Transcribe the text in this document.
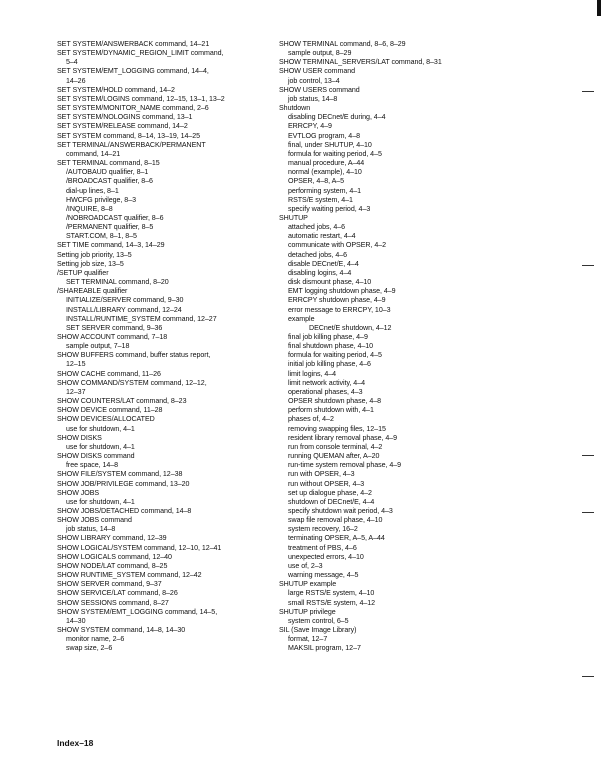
SET SYSTEM/ANSWERBACK command, 14–21
SET SYSTEM/DYNAMIC_REGION_LIMIT command,
5–4
SET SYSTEM/EMT_LOGGING command, 14–4,
14–26
SET SYSTEM/HOLD command, 14–2
SET SYSTEM/LOGINS command, 12–15, 13–1, 13–2
SET SYSTEM/MONITOR_NAME command, 2–6
SET SYSTEM/NOLOGINS command, 13–1
SET SYSTEM/RELEASE command, 14–2
SET SYSTEM command, 8–14, 13–19, 14–25
SET TERMINAL/ANSWERBACK/PERMANENT
command, 14–21
SET TERMINAL command, 8–15
/AUTOBAUD qualifier, 8–1
/BROADCAST qualifier, 8–6
dial-up lines, 8–1
HWCFG privilege, 8–3
/INQUIRE, 8–8
/NOBROADCAST qualifier, 8–6
/PERMANENT qualifier, 8–5
START.COM, 8–1, 8–5
SET TIME command, 14–3, 14–29
Setting job priority, 13–5
Setting job size, 13–5
/SETUP qualifier
SET TERMINAL command, 8–20
/SHAREABLE qualifier
INITIALIZE/SERVER command, 9–30
INSTALL/LIBRARY command, 12–24
INSTALL/RUNTIME_SYSTEM command, 12–27
SET SERVER command, 9–36
SHOW ACCOUNT command, 7–18
sample output, 7–18
SHOW BUFFERS command, buffer status report,
12–15
SHOW CACHE command, 11–26
SHOW COMMAND/SYSTEM command, 12–12,
12–37
SHOW COUNTERS/LAT command, 8–23
SHOW DEVICE command, 11–28
SHOW DEVICES/ALLOCATED
use for shutdown, 4–1
SHOW DISKS
use for shutdown, 4–1
SHOW DISKS command
free space, 14–8
SHOW FILE/SYSTEM command, 12–38
SHOW JOB/PRIVILEGE command, 13–20
SHOW JOBS
use for shutdown, 4–1
SHOW JOBS/DETACHED command, 14–8
SHOW JOBS command
job status, 14–8
SHOW LIBRARY command, 12–39
SHOW LOGICAL/SYSTEM command, 12–10, 12–41
SHOW LOGICALS command, 12–40
SHOW NODE/LAT command, 8–25
SHOW RUNTIME_SYSTEM command, 12–42
SHOW SERVER command, 9–37
SHOW SERVICE/LAT command, 8–26
SHOW SESSIONS command, 8–27
SHOW SYSTEM/EMT_LOGGING command, 14–5,
14–30
SHOW SYSTEM command, 14–8, 14–30
monitor name, 2–6
swap size, 2–6
SHOW TERMINAL command, 8–6, 8–29
sample output, 8–29
SHOW TERMINAL_SERVERS/LAT command, 8–31
SHOW USER command
job control, 13–4
SHOW USERS command
job status, 14–8
Shutdown
disabling DECnet/E during, 4–4
ERRCPY, 4–9
EVTLOG program, 4–8
final, under SHUTUP, 4–10
formula for waiting period, 4–5
manual procedure, A–44
normal (example), 4–10
OPSER, 4–8, A–5
performing system, 4–1
RSTS/E system, 4–1
specify waiting period, 4–3
SHUTUP
attached jobs, 4–6
automatic restart, 4–4
communicate with OPSER, 4–2
detached jobs, 4–6
disable DECnet/E, 4–4
disabling logins, 4–4
disk dismount phase, 4–10
EMT logging shutdown phase, 4–9
ERRCPY shutdown phase, 4–9
error message to ERRCPY, 10–3
example
DECnet/E shutdown, 4–12
final job killing phase, 4–9
final shutdown phase, 4–10
formula for waiting period, 4–5
initial job killing phase, 4–6
limit logins, 4–4
limit network activity, 4–4
operational phases, 4–3
OPSER shutdown phase, 4–8
perform shutdown with, 4–1
phases of, 4–2
removing swapping files, 12–15
resident library removal phase, 4–9
run from console terminal, 4–2
running QUEMAN after, A–20
run-time system removal phase, 4–9
run with OPSER, 4–3
run without OPSER, 4–3
set up dialogue phase, 4–2
shutdown of DECnet/E, 4–4
specify shutdown wait period, 4–3
swap file removal phase, 4–10
system recovery, 16–2
terminating OPSER, A–5, A–44
treatment of PBS, 4–6
unexpected errors, 4–10
use of, 2–3
warning message, 4–5
SHUTUP example
large RSTS/E system, 4–10
small RSTS/E system, 4–12
SHUTUP privilege
system control, 6–5
SIL (Save Image Library)
format, 12–7
MAKSIL program, 12–7
Index–18
